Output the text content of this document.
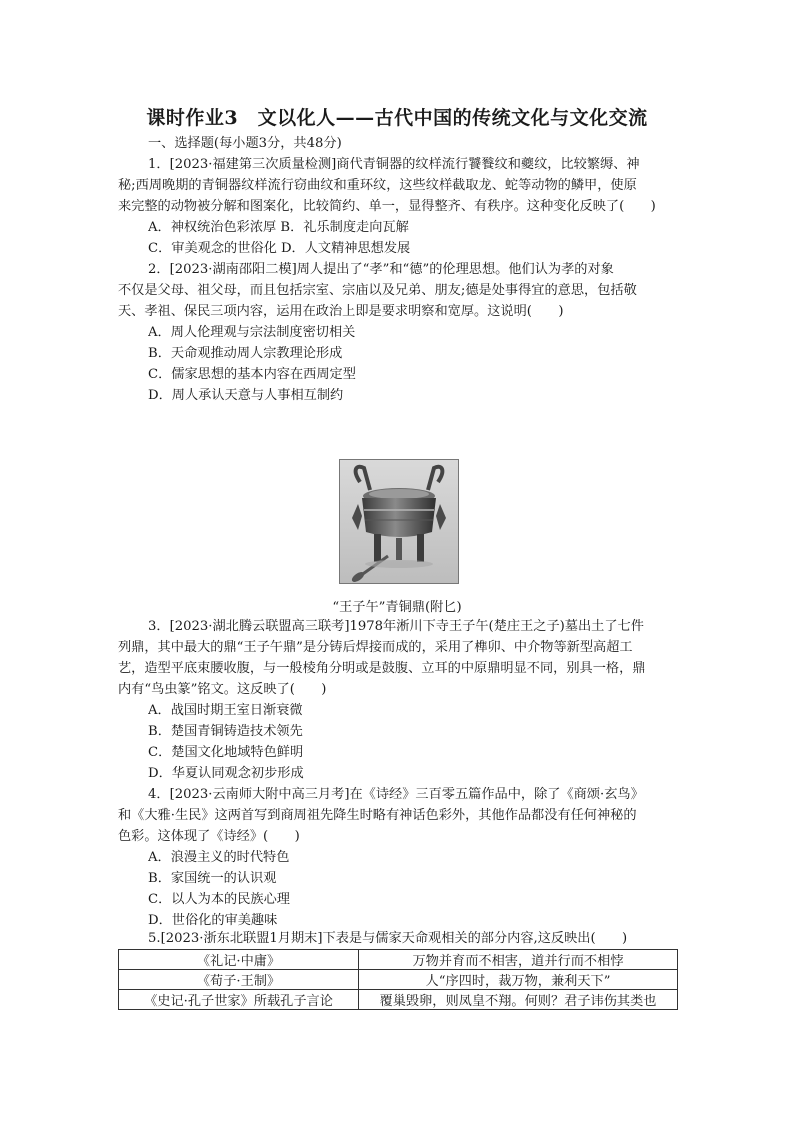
课时作业3　文以化人——古代中国的传统文化与文化交流
一、选择题(每小题3分，共48分)
1．[2023·福建第三次质量检测]商代青铜器的纹样流行饕餮纹和夔纹，比较繁缛、神
秘;西周晚期的青铜器纹样流行窃曲纹和重环纹，这些纹样截取龙、蛇等动物的鳞甲，使原
来完整的动物被分解和图案化，比较简约、单一，显得整齐、有秩序。这种变化反映了(　　)
A．神权统治色彩浓厚 B．礼乐制度走向瓦解
C．审美观念的世俗化 D．人文精神思想发展
2．[2023·湖南邵阳二模]周人提出了“孝”和“德”的伦理思想。他们认为孝的对象
不仅是父母、祖父母，而且包括宗室、宗庙以及兄弟、朋友;德是处事得宜的意思，包括敬
天、孝祖、保民三项内容，运用在政治上即是要求明察和宽厚。这说明(　　)
A．周人伦理观与宗法制度密切相关
B．天命观推动周人宗教理论形成
C．儒家思想的基本内容在西周定型
D．周人承认天意与人事相互制约
“王子午”青铜鼎(附匕)
3．[2023·湖北腾云联盟高三联考]1978年淅川下寺王子午(楚庄王之子)墓出土了七件
列鼎，其中最大的鼎“王子午鼎”是分铸后焊接而成的，采用了榫卯、中介物等新型高超工
艺，造型平底束腰收腹，与一般棱角分明或是鼓腹、立耳的中原鼎明显不同，别具一格，鼎
内有“鸟虫篆”铭文。这反映了(　　)
A．战国时期王室日渐衰微
B．楚国青铜铸造技术领先
C．楚国文化地域特色鲜明
D．华夏认同观念初步形成
4．[2023·云南师大附中高三月考]在《诗经》三百零五篇作品中，除了《商颂·玄鸟》
和《大雅·生民》这两首写到商周祖先降生时略有神话色彩外，其他作品都没有任何神秘的
色彩。这体现了《诗经》(　　)
A．浪漫主义的时代特色
B．家国统一的认识观
C．以人为本的民族心理
D．世俗化的审美趣味
5.[2023·浙东北联盟1月期末]下表是与儒家天命观相关的部分内容,这反映出(　　)
《礼记·中庸》	万物并育而不相害，道并行而不相悖
《荀子·王制》	人“序四时，裁万物，兼利天下”
《史记·孔子世家》所载孔子言论	覆巢毁卵，则凤皇不翔。何则？君子讳伤其类也
